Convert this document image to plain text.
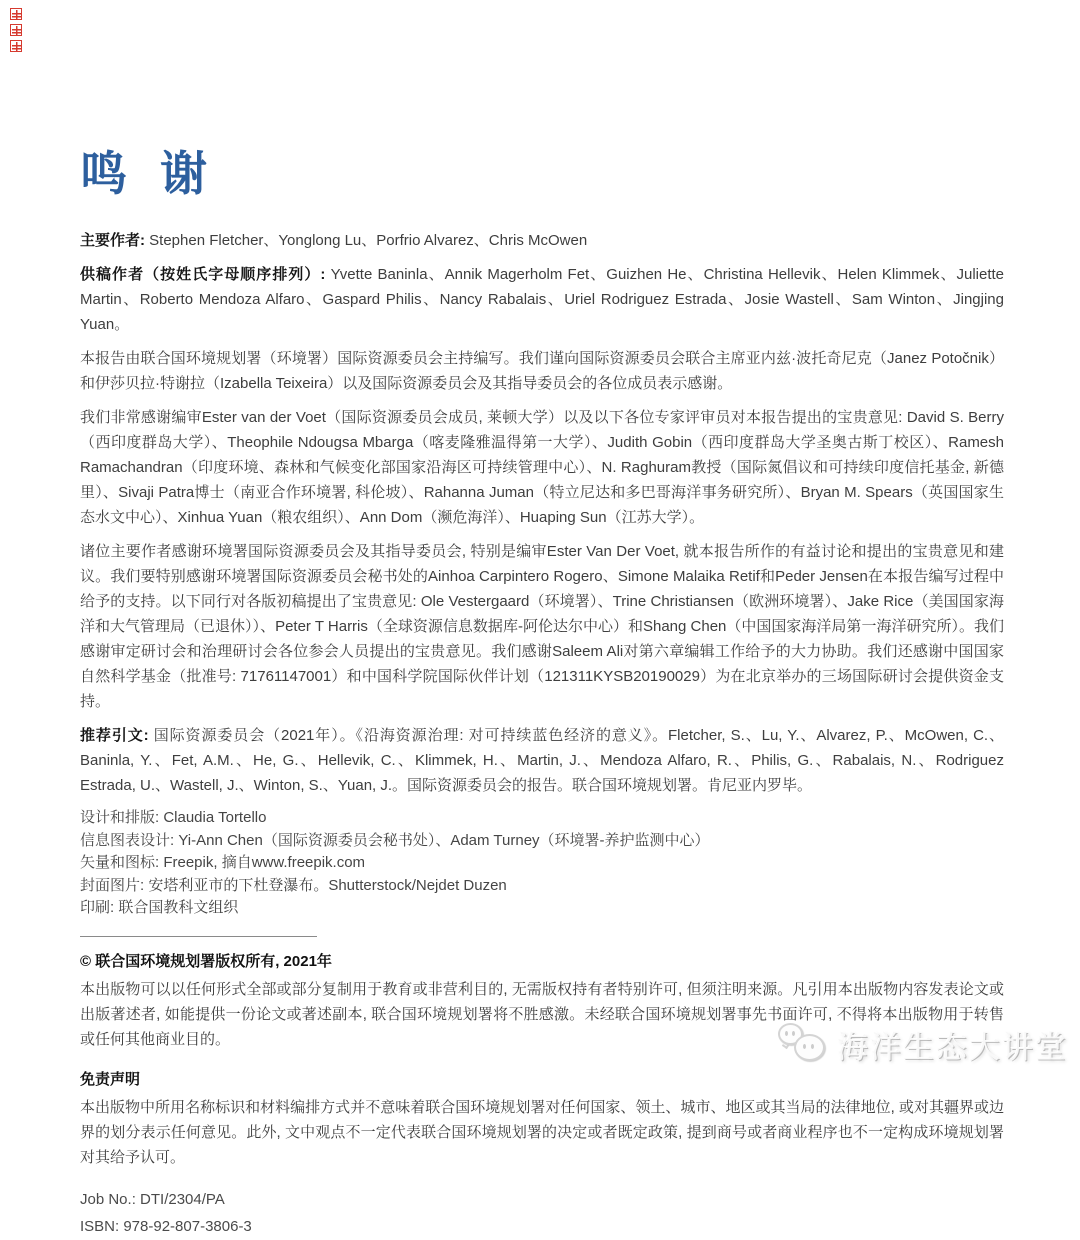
鸣 谢

主要作者: Stephen Fletcher、Yonglong Lu、Porfrio Alvarez、Chris McOwen

供稿作者（按姓氏字母顺序排列）: Yvette Baninla、Annik Magerholm Fet、Guizhen He、Christina Hellevik、Helen Klimmek、Juliette Martin、Roberto Mendoza Alfaro、Gaspard Philis、Nancy Rabalais、Uriel Rodriguez Estrada、Josie Wastell、Sam Winton、Jingjing Yuan。

本报告由联合国环境规划署（环境署）国际资源委员会主持编写。我们谨向国际资源委员会联合主席亚内兹·波托奇尼克（Janez Potočnik）和伊莎贝拉·特谢拉（Izabella Teixeira）以及国际资源委员会及其指导委员会的各位成员表示感谢。

我们非常感谢编审Ester van der Voet（国际资源委员会成员, 莱顿大学）以及以下各位专家评审员对本报告提出的宝贵意见: David S. Berry（西印度群岛大学）、Theophile Ndougsa Mbarga（喀麦隆雅温得第一大学）、Judith Gobin（西印度群岛大学圣奥古斯丁校区）、Ramesh Ramachandran（印度环境、森林和气候变化部国家沿海区可持续管理中心）、N. Raghuram教授（国际氮倡议和可持续印度信托基金, 新德里）、Sivaji Patra博士（南亚合作环境署, 科伦坡）、Rahanna Juman（特立尼达和多巴哥海洋事务研究所）、Bryan M. Spears（英国国家生态水文中心）、Xinhua Yuan（粮农组织）、Ann Dom（濒危海洋）、Huaping Sun（江苏大学）。

诸位主要作者感谢环境署国际资源委员会及其指导委员会, 特别是编审Ester Van Der Voet, 就本报告所作的有益讨论和提出的宝贵意见和建议。我们要特别感谢环境署国际资源委员会秘书处的Ainhoa Carpintero Rogero、Simone Malaika Retif和Peder Jensen在本报告编写过程中给予的支持。以下同行对各版初稿提出了宝贵意见: Ole Vestergaard（环境署）、Trine Christiansen（欧洲环境署）、Jake Rice（美国国家海洋和大气管理局（已退休））、Peter T Harris（全球资源信息数据库-阿伦达尔中心）和Shang Chen（中国国家海洋局第一海洋研究所）。我们感谢审定研讨会和治理研讨会各位参会人员提出的宝贵意见。我们感谢Saleem Ali对第六章编辑工作给予的大力协助。我们还感谢中国国家自然科学基金（批准号: 71761147001）和中国科学院国际伙伴计划（121311KYSB20190029）为在北京举办的三场国际研讨会提供资金支持。

推荐引文: 国际资源委员会（2021年）。《沿海资源治理: 对可持续蓝色经济的意义》。Fletcher, S.、Lu, Y.、Alvarez, P.、McOwen, C.、Baninla, Y.、Fet, A.M.、He, G.、Hellevik, C.、Klimmek, H.、Martin, J.、Mendoza Alfaro, R.、Philis, G.、Rabalais, N.、Rodriguez Estrada, U.、Wastell, J.、Winton, S.、Yuan, J.。国际资源委员会的报告。联合国环境规划署。肯尼亚内罗毕。

设计和排版: Claudia Tortello
信息图表设计: Yi-Ann Chen（国际资源委员会秘书处）、Adam Turney（环境署-养护监测中心）
矢量和图标: Freepik, 摘自www.freepik.com
封面图片: 安塔利亚市的下杜登瀑布。Shutterstock/Nejdet Duzen
印刷: 联合国教科文组织

© 联合国环境规划署版权所有, 2021年

本出版物可以以任何形式全部或部分复制用于教育或非营利目的, 无需版权持有者特别许可, 但须注明来源。凡引用本出版物内容发表论文或出版著述者, 如能提供一份论文或著述副本, 联合国环境规划署将不胜感激。未经联合国环境规划署事先书面许可, 不得将本出版物用于转售或任何其他商业目的。

免责声明

本出版物中所用名称标识和材料编排方式并不意味着联合国环境规划署对任何国家、领土、城市、地区或其当局的法律地位, 或对其疆界或边界的划分表示任何意见。此外, 文中观点不一定代表联合国环境规划署的决定或者既定政策, 提到商号或者商业程序也不一定构成环境规划署对其给予认可。

Job No.: DTI/2304/PA

ISBN: 978-92-807-3806-3

海洋生态大讲堂
